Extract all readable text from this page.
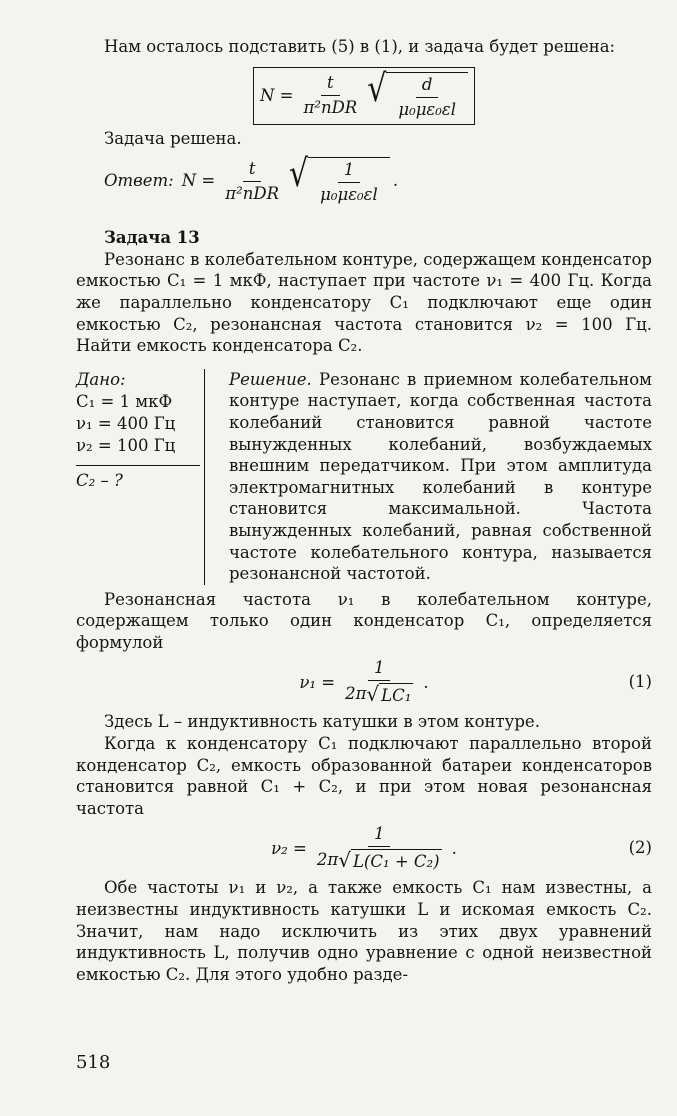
Нам осталось подставить (5) в (1), и задача будет решена:

$N = \frac{t}{\text{π²nDR}}$ √ $\frac{d}{\text{μ₀με₀εl}}$

Задача решена.

Ответ: $N = \frac{t}{\text{π²nDR}}$ √ $\frac{1}{\text{μ₀με₀εl}}$ .
Задача 13

Резонанс в колебательном контуре, содержащем конденсатор емкостью C₁ = 1 мкФ, наступает при частоте ν₁ = 400 Гц. Когда же параллельно конденсатору C₁ подключают еще один емкостью C₂, резонансная частота становится ν₂ = 100 Гц. Найти емкость конденсатора C₂.

Дано:
C₁ = 1 мкФ
ν₁ = 400 Гц
ν₂ = 100 Гц
C₂ – ?
Решение. Резонанс в приемном колебательном контуре наступает, когда собственная частота колебаний становится равной частоте вынужденных колебаний, возбуждаемых внешним передатчиком. При этом амплитуда электромагнитных колебаний в контуре становится максимальной. Частота вынужденных колебаний, равная собственной частоте колебательного контура, называется резонансной частотой.

Резонансная частота ν₁ в колебательном контуре, содержащем только один конденсатор C₁, определяется формулой

$\nu_1 = \frac{1}{\text{2π √ LC₁}}$ .	(1)

Здесь L – индуктивность катушки в этом контуре.

Когда к конденсатору C₁ подключают параллельно второй конденсатор C₂, емкость образованной батареи конденсаторов становится равной C₁ + C₂, и при этом новая резонансная частота

$\nu_2 = \frac{1}{\text{2π √ L(C₁ + C₂)}}$ .	(2)

Обе частоты ν₁ и ν₂, а также емкость C₁ нам известны, а неизвестны индуктивность катушки L и искомая емкость C₂. Значит, нам надо исключить из этих двух уравнений индуктивность L, получив одно уравнение с одной неизвестной емкостью C₂. Для этого удобно разде-

518
